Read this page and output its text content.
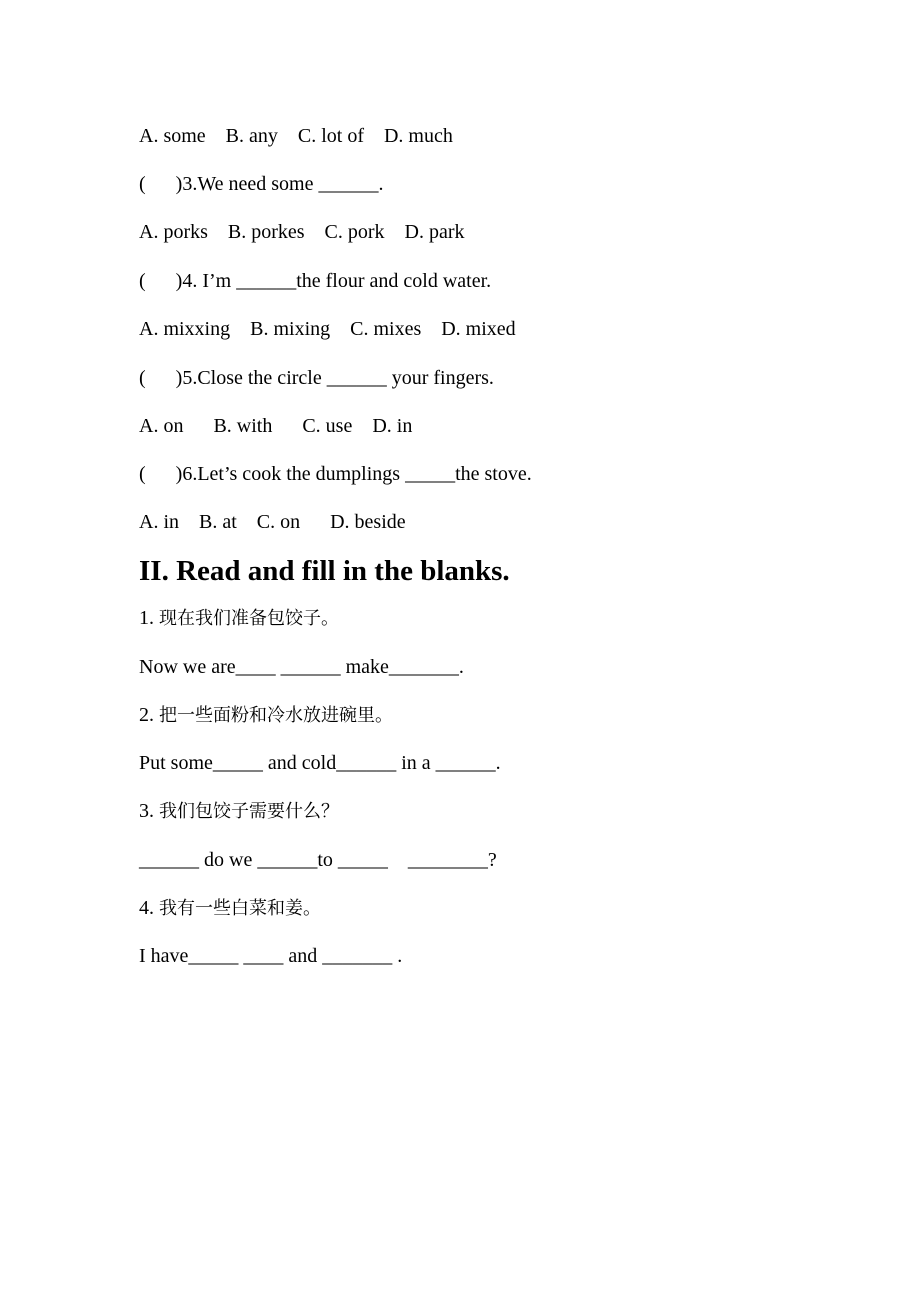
A. some    B. any    C. lot of    D. much
(      )3.We need some ______.
A. porks    B. porkes    C. pork    D. park
(      )4. I’m ______the flour and cold water.
A. mixxing    B. mixing    C. mixes    D. mixed
(      )5.Close the circle ______ your fingers.
A. on      B. with      C. use    D. in
(      )6.Let’s cook the dumplings _____the stove.
A. in    B. at    C. on      D. beside
II. Read and fill in the blanks.
1. 现在我们准备包饺子。
Now we are____ ______ make_______.
2. 把一些面粉和冷水放进碗里。
Put some_____ and cold______ in a ______.
3. 我们包饺子需要什么？
______ do we ______to _____    ________?
4. 我有一些白菜和姜。
I have_____ ____ and _______ .
